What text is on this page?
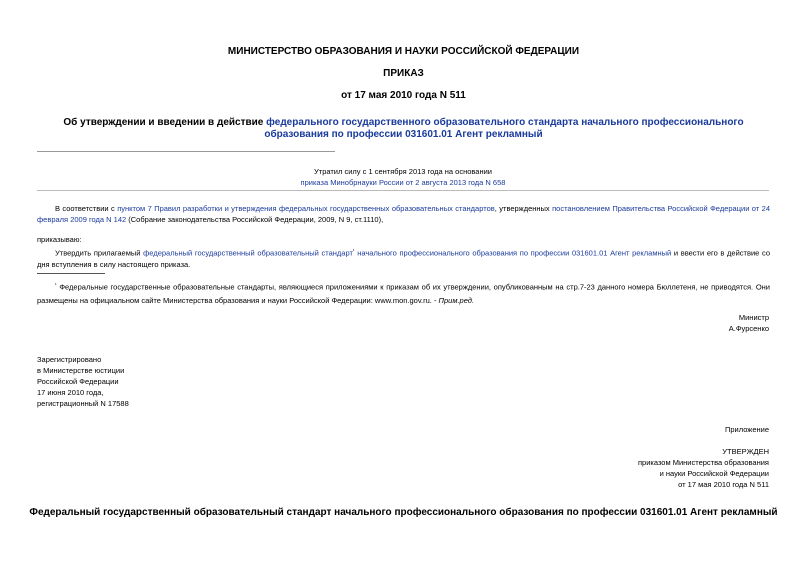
МИНИСТЕРСТВО ОБРАЗОВАНИЯ И НАУКИ РОССИЙСКОЙ ФЕДЕРАЦИИ
ПРИКАЗ
от 17 мая 2010 года N 511
Об утверждении и введении в действие федерального государственного образовательного стандарта начального профессионального образования по профессии 031601.01 Агент рекламный
Утратил силу с 1 сентября 2013 года на основании
приказа Минобрнауки России от 2 августа 2013 года N 658
В соответствии с пунктом 7 Правил разработки и утверждения федеральных государственных образовательных стандартов, утвержденных постановлением Правительства Российской Федерации от 24 февраля 2009 года N 142 (Собрание законодательства Российской Федерации, 2009, N 9, ст.1110),
приказываю:
Утвердить прилагаемый федеральный государственный образовательный стандарт$^{^1}$ начального профессионального образования по профессии 031601.01 Агент рекламный и ввести его в действие со дня вступления в силу настоящего приказа.
$^{^1}$ Федеральные государственные образовательные стандарты, являющиеся приложениями к приказам об их утверждении, опубликованным на стр.7-23 данного номера Бюллетеня, не приводятся. Они размещены на официальном сайте Министерства образования и науки Российской Федерации: www.mon.gov.ru. - Прим.ред.
Министр
А.Фурсенко
Зарегистрировано
в Министерстве юстиции
Российской Федерации
17 июня 2010 года,
регистрационный N 17588
Приложение
УТВЕРЖДЕН
приказом Министерства образования
и науки Российской Федерации
от 17 мая 2010 года N 511
Федеральный государственный образовательный стандарт начального профессионального образования по профессии 031601.01 Агент рекламный
